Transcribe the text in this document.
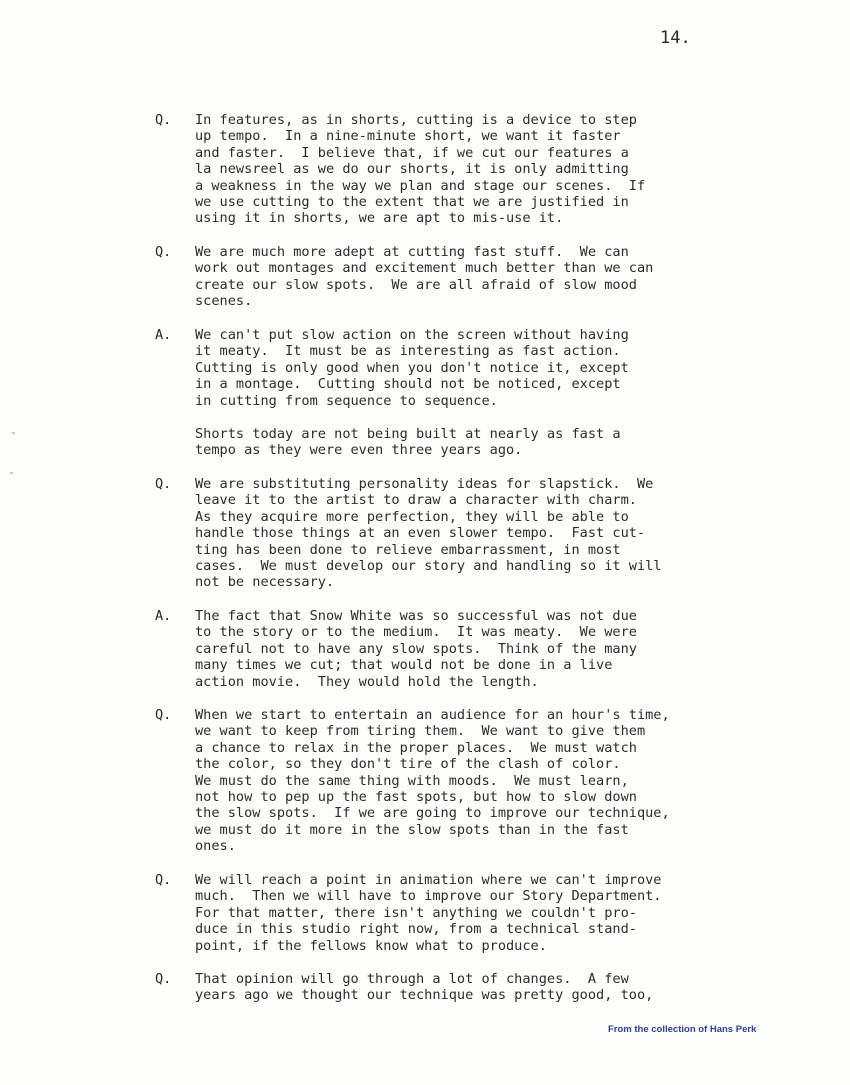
14.
Q. In features, as in shorts, cutting is a device to step
up tempo.  In a nine-minute short, we want it faster
and faster.  I believe that, if we cut our features a
la newsreel as we do our shorts, it is only admitting
a weakness in the way we plan and stage our scenes.  If
we use cutting to the extent that we are justified in
using it in shorts, we are apt to mis-use it.
Q. We are much more adept at cutting fast stuff.  We can
work out montages and excitement much better than we can
create our slow spots.  We are all afraid of slow mood
scenes.
A. We can't put slow action on the screen without having
it meaty.  It must be as interesting as fast action.
Cutting is only good when you don't notice it, except
in a montage.  Cutting should not be noticed, except
in cutting from sequence to sequence.
Shorts today are not being built at nearly as fast a
tempo as they were even three years ago.
Q. We are substituting personality ideas for slapstick.  We
leave it to the artist to draw a character with charm.
As they acquire more perfection, they will be able to
handle those things at an even slower tempo.  Fast cut-
ting has been done to relieve embarrassment, in most
cases.  We must develop our story and handling so it will
not be necessary.
A. The fact that Snow White was so successful was not due
to the story or to the medium.  It was meaty.  We were
careful not to have any slow spots.  Think of the many
many times we cut; that would not be done in a live
action movie.  They would hold the length.
Q. When we start to entertain an audience for an hour's time,
we want to keep from tiring them.  We want to give them
a chance to relax in the proper places.  We must watch
the color, so they don't tire of the clash of color.
We must do the same thing with moods.  We must learn,
not how to pep up the fast spots, but how to slow down
the slow spots.  If we are going to improve our technique,
we must do it more in the slow spots than in the fast
ones.
Q. We will reach a point in animation where we can't improve
much.  Then we will have to improve our Story Department.
For that matter, there isn't anything we couldn't pro-
duce in this studio right now, from a technical stand-
point, if the fellows know what to produce.
Q. That opinion will go through a lot of changes.  A few
years ago we thought our technique was pretty good, too,
From the collection of Hans Perk
